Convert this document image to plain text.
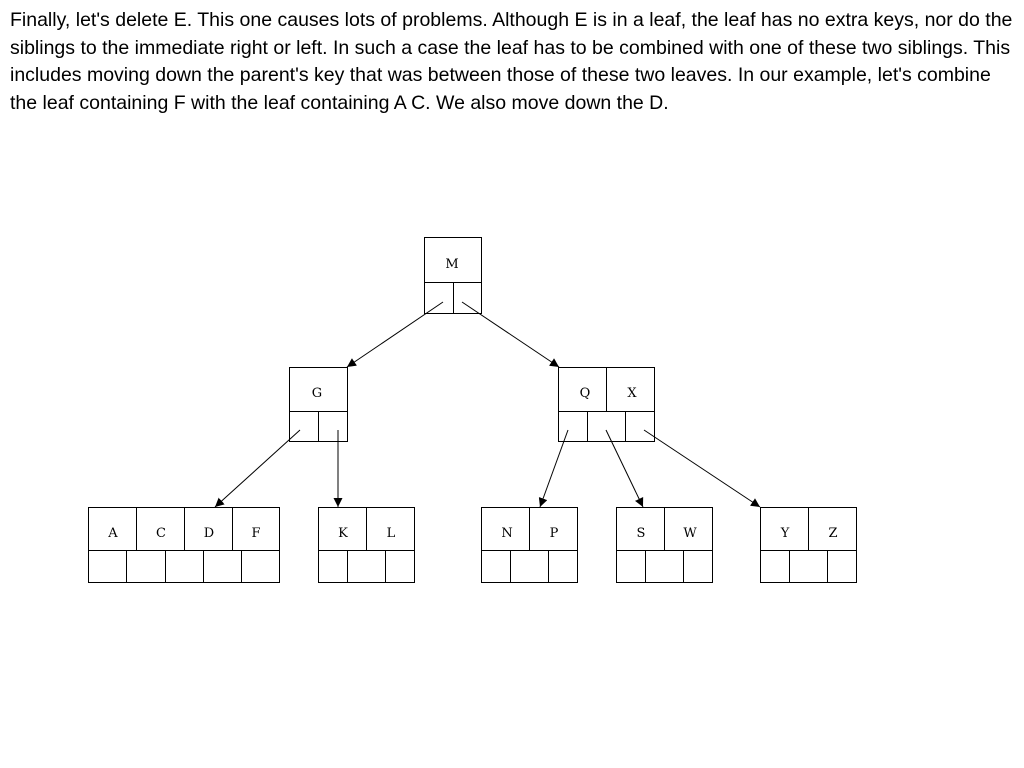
Finally, let's delete E. This one causes lots of problems. Although E is in a leaf, the leaf has no extra keys, nor do the siblings to the immediate right or left. In such a case the leaf has to be combined with one of these two siblings. This includes moving down the parent's key that was between those of these two leaves. In our example, let's combine the leaf containing F with the leaf containing A C. We also move down the D.

M
G	Q	X
A	C	D	F	K	L	N	P	S	W	Y	Z
